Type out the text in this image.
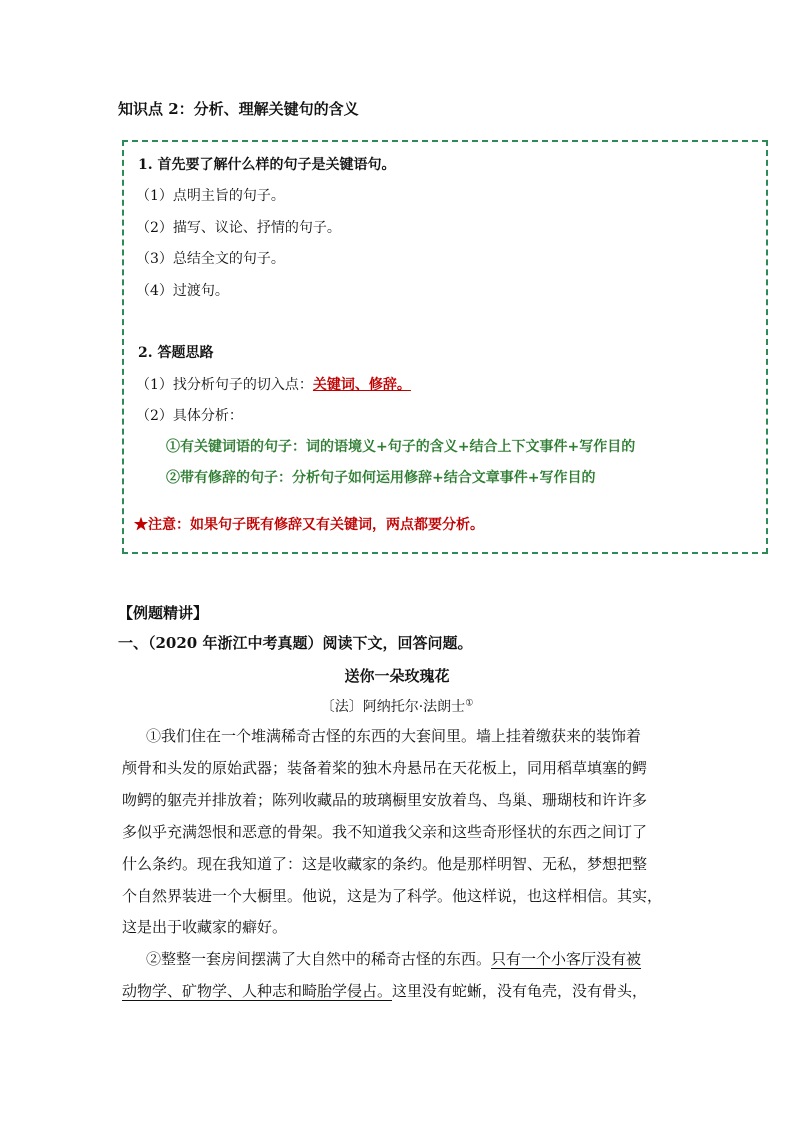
知识点 2：分析、理解关键句的含义
1. 首先要了解什么样的句子是关键语句。
（1）点明主旨的句子。
（2）描写、议论、抒情的句子。
（3）总结全文的句子。
（4）过渡句。
2. 答题思路
（1）找分析句子的切入点：关键词、修辞。
（2）具体分析：
①有关键词语的句子：词的语境义+句子的含义+结合上下文事件+写作目的
②带有修辞的句子：分析句子如何运用修辞+结合文章事件+写作目的
★注意：如果句子既有修辞又有关键词，两点都要分析。
【例题精讲】
一、（2020 年浙江中考真题）阅读下文，回答问题。
送你一朵玫瑰花
〔法〕阿纳托尔·法朗士①
①我们住在一个堆满稀奇古怪的东西的大套间里。墙上挂着缴获来的装饰着
颅骨和头发的原始武器；装备着桨的独木舟悬吊在天花板上，同用稻草填塞的鳄
吻鳄的躯壳并排放着；陈列收藏品的玻璃橱里安放着鸟、鸟巢、珊瑚枝和许许多
多似乎充满怨恨和恶意的骨架。我不知道我父亲和这些奇形怪状的东西之间订了
什么条约。现在我知道了：这是收藏家的条约。他是那样明智、无私，梦想把整
个自然界装进一个大橱里。他说，这是为了科学。他这样说，也这样相信。其实，
这是出于收藏家的癖好。
②整整一套房间摆满了大自然中的稀奇古怪的东西。只有一个小客厅没有被
动物学、矿物学、人种志和畸胎学侵占。这里没有蛇蜥，没有龟壳，没有骨头，
